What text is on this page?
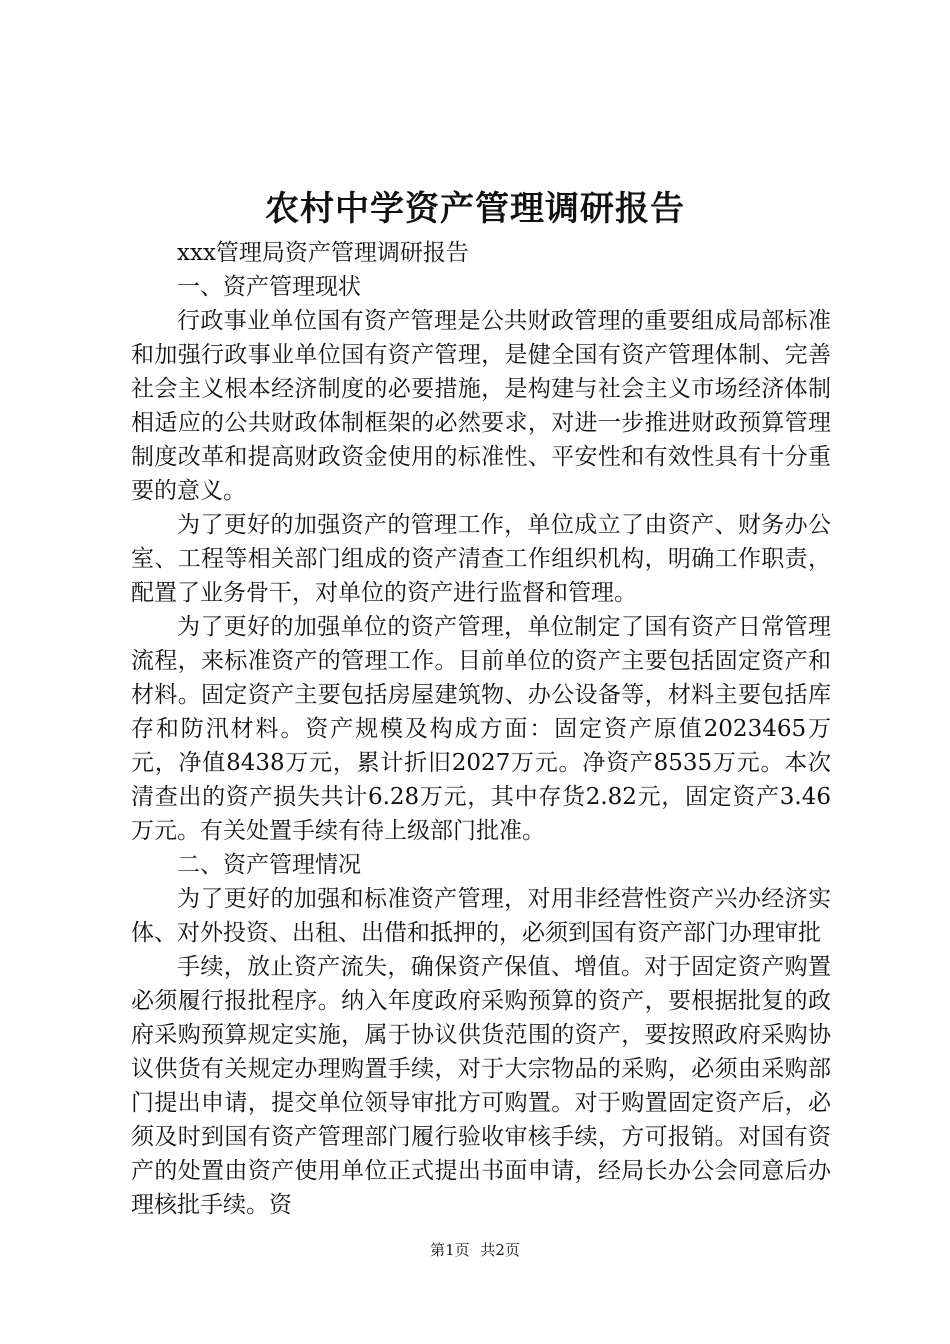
农村中学资产管理调研报告

xxx管理局资产管理调研报告

一、资产管理现状

行政事业单位国有资产管理是公共财政管理的重要组成局部标准和加强行政事业单位国有资产管理，是健全国有资产管理体制、完善社会主义根本经济制度的必要措施，是构建与社会主义市场经济体制相适应的公共财政体制框架的必然要求，对进一步推进财政预算管理制度改革和提高财政资金使用的标准性、平安性和有效性具有十分重要的意义。

为了更好的加强资产的管理工作，单位成立了由资产、财务办公室、工程等相关部门组成的资产清查工作组织机构，明确工作职责，配置了业务骨干，对单位的资产进行监督和管理。

为了更好的加强单位的资产管理，单位制定了国有资产日常管理流程，来标准资产的管理工作。目前单位的资产主要包括固定资产和材料。固定资产主要包括房屋建筑物、办公设备等，材料主要包括库存和防汛材料。资产规模及构成方面：固定资产原值2023465万元，净值8438万元，累计折旧2027万元。净资产8535万元。本次清查出的资产损失共计6.28万元，其中存货2.82元，固定资产3.46万元。有关处置手续有待上级部门批准。

二、资产管理情况

为了更好的加强和标准资产管理，对用非经营性资产兴办经济实体、对外投资、出租、出借和抵押的，必须到国有资产部门办理审批

手续，放止资产流失，确保资产保值、增值。对于固定资产购置必须履行报批程序。纳入年度政府采购预算的资产，要根据批复的政府采购预算规定实施，属于协议供货范围的资产，要按照政府采购协议供货有关规定办理购置手续，对于大宗物品的采购，必须由采购部门提出申请，提交单位领导审批方可购置。对于购置固定资产后，必须及时到国有资产管理部门履行验收审核手续，方可报销。对国有资产的处置由资产使用单位正式提出书面申请，经局长办公会同意后办理核批手续。资

第1页 共2页
